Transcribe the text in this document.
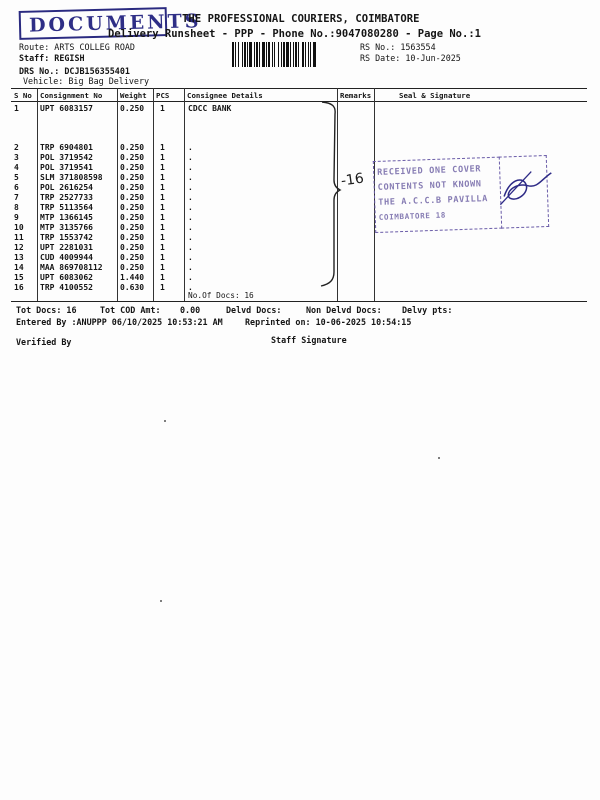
DOCUMENTS
THE PROFESSIONAL COURIERS, COIMBATORE
Delivery Runsheet - PPP - Phone No.:9047080280 - Page No.:1
Route: ARTS COLLEG ROAD
Staff: REGISH
DRS No.: DCJB156355401
Vehicle: Big Bag Delivery
RS No.: 1563554
RS Date: 10-Jun-2025
S No Consignment No Weight PCS Consignee Details	Remarks	Seal & Signature
1	UPT 6083157	0.250 1	CDCC BANK
2	TRP 6904801	0.250 1	.
3	POL 3719542	0.250 1	.
4	POL 3719541	0.250 1	.
5	SLM 371808598 0.250 1	.
6	POL 2616254	0.250 1	.
7	TRP 2527733	0.250 1	.
8	TRP 5113564	0.250 1	.
9	MTP 1366145	0.250 1	.
10 MTP 3135766	0.250 1	.
11 TRP 1553742	0.250 1	.
12 UPT 2281031	0.250 1	.
13 CUD 4009944	0.250 1	.
14 MAA 869708112 0.250 1	.
15 UPT 6083062	1.440 1	.
16 TRP 4100552	0.630 1	.
No.Of Docs: 16
-16 RECEIVED ONE COVER
CONTENTS NOT KNOWN
THE A.C.C.B PAVILLA
COIMBATORE 18
Tot Docs: 16	Tot COD Amt: 0.00	Delvd Docs:	Non Delvd Docs: Delvy pts:
Entered By :ANUPPP 06/10/2025 10:53:21 AM	Reprinted on: 10-06-2025 10:54:15
Verified By	Staff Signature
